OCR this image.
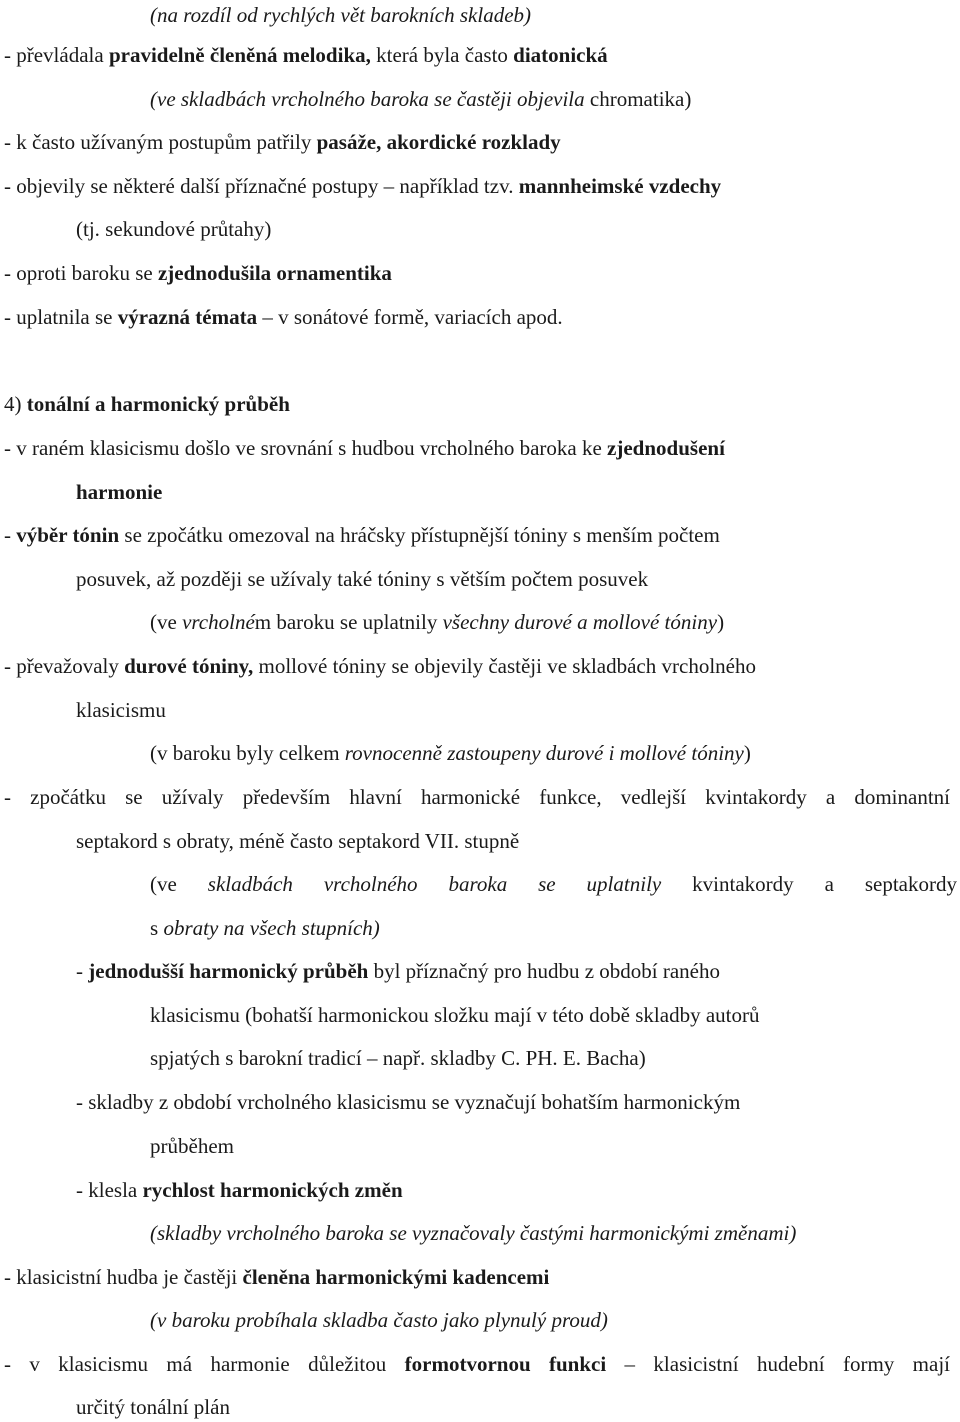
(na rozdíl od rychlých vět barokních skladeb)
- převládala pravidelně členěná melodika, která byla často diatonická
(ve skladbách vrcholného baroka se častěji objevila chromatika)
- k často užívaným postupům patřily pasáže, akordické rozklady
- objevily se některé další příznačné postupy – například tzv. mannheimské vzdechy
(tj. sekundové průtahy)
- oproti baroku se zjednodušila ornamentika
- uplatnila se výrazná témata – v sonátové formě, variacích apod.
4) tonální a harmonický průběh
- v raném klasicismu došlo ve srovnání s hudbou vrcholného baroka ke zjednodušení
harmonie
- výběr tónin se zpočátku omezoval na hráčsky přístupnější tóniny s menším počtem
posuvek, až později se užívaly také tóniny s větším počtem posuvek
(ve vrcholném baroku se uplatnily všechny durové a mollové tóniny)
- převažovaly durové tóniny, mollové tóniny se objevily častěji ve skladbách vrcholného
klasicismu
(v baroku byly celkem rovnocenně zastoupeny durové i mollové tóniny)
- zpočátku se užívaly především hlavní harmonické funkce, vedlejší kvintakordy a dominantní
septakord s obraty, méně často septakord VII. stupně
(ve skladbách vrcholného baroka se uplatnily kvintakordy a septakordy
s obraty na všech stupních)
- jednodušší harmonický průběh byl příznačný pro hudbu z období raného
klasicismu (bohatší harmonickou složku mají v této době skladby autorů
spjatých s barokní tradicí – např. skladby C. PH. E. Bacha)
- skladby z období vrcholného klasicismu se vyznačují bohatším harmonickým
průběhem
- klesla rychlost harmonických změn
(skladby vrcholného baroka se vyznačovaly častými harmonickými změnami)
- klasicistní hudba je častěji členěna harmonickými kadencemi
(v baroku probíhala skladba často jako plynulý proud)
- v klasicismu má harmonie důležitou formotvornou funkci – klasicistní hudební formy mají
určitý tonální plán
